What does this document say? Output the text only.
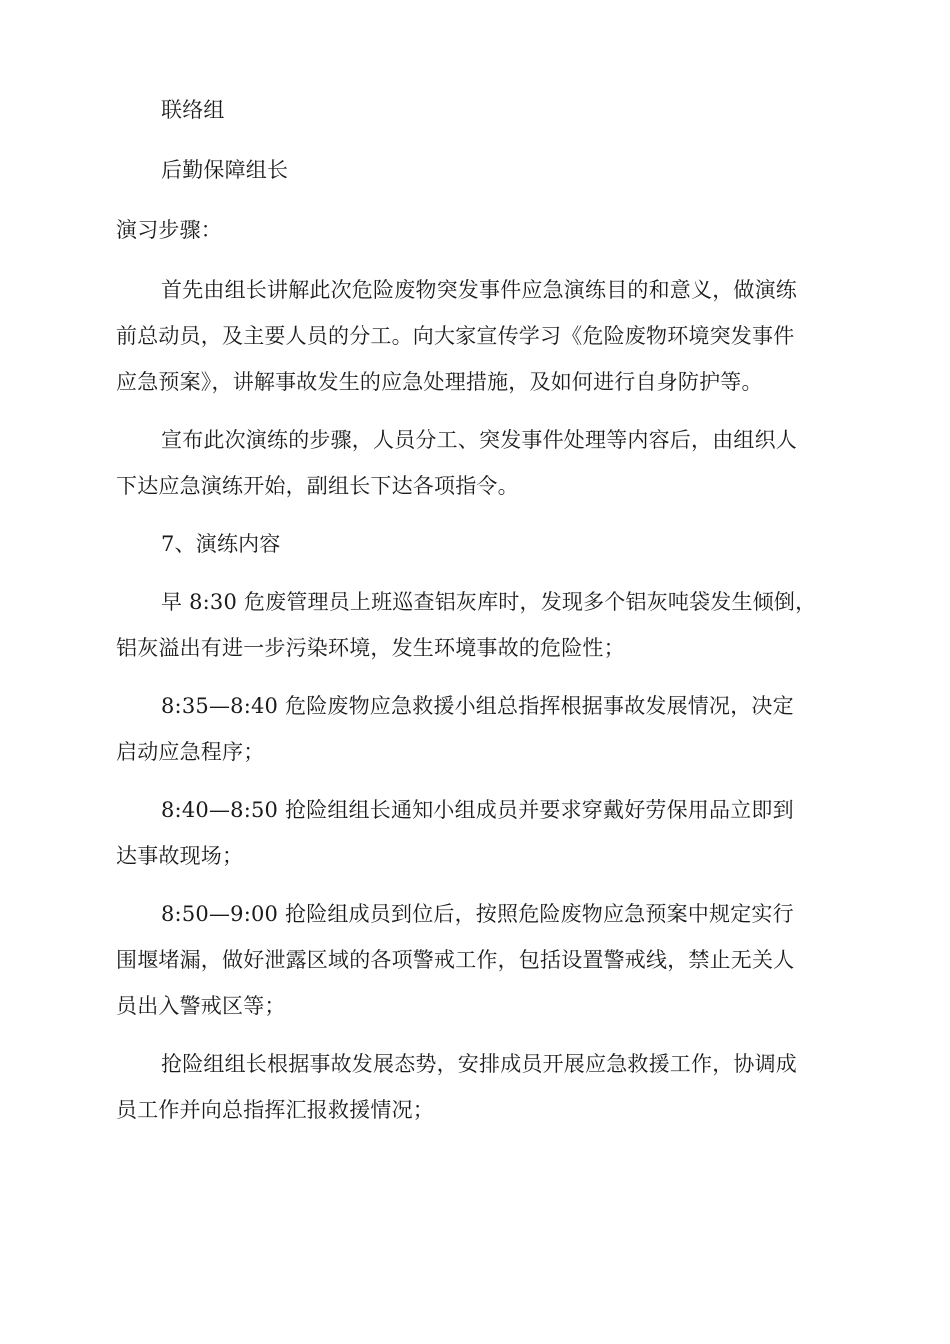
联络组
后勤保障组长
演习步骤：
首先由组长讲解此次危险废物突发事件应急演练目的和意义，做演练
前总动员，及主要人员的分工。向大家宣传学习《危险废物环境突发事件
应急预案》，讲解事故发生的应急处理措施，及如何进行自身防护等。
宣布此次演练的步骤，人员分工、突发事件处理等内容后，由组织人
下达应急演练开始，副组长下达各项指令。
7、演练内容
早 8:30 危废管理员上班巡查铝灰库时，发现多个铝灰吨袋发生倾倒，
铝灰溢出有进一步污染环境，发生环境事故的危险性；
8:35—8:40 危险废物应急救援小组总指挥根据事故发展情况，决定
启动应急程序；
8:40—8:50 抢险组组长通知小组成员并要求穿戴好劳保用品立即到
达事故现场；
8:50—9:00 抢险组成员到位后，按照危险废物应急预案中规定实行
围堰堵漏，做好泄露区域的各项警戒工作，包括设置警戒线，禁止无关人
员出入警戒区等；
抢险组组长根据事故发展态势，安排成员开展应急救援工作，协调成
员工作并向总指挥汇报救援情况；
